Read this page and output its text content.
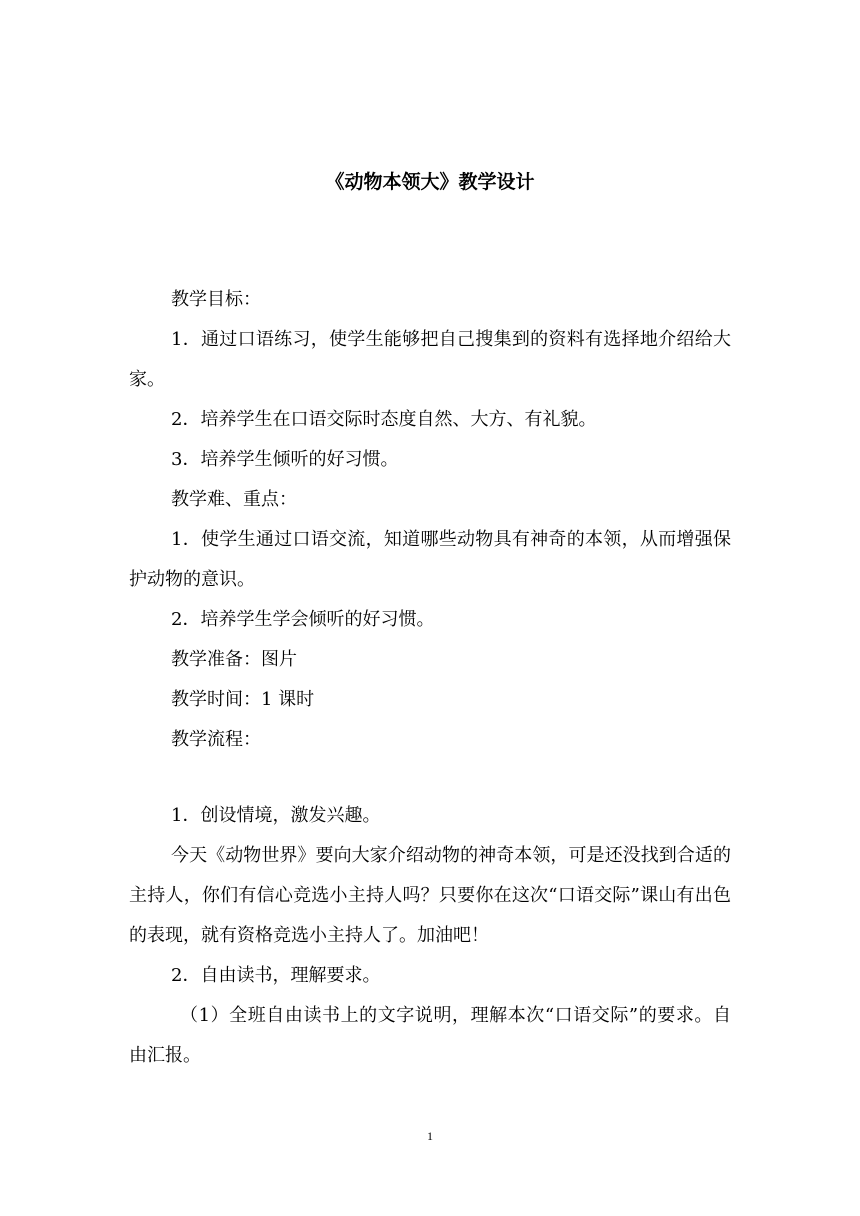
《动物本领大》教学设计

教学目标：

1．通过口语练习，使学生能够把自己搜集到的资料有选择地介绍给大家。

2．培养学生在口语交际时态度自然、大方、有礼貌。

3．培养学生倾听的好习惯。

教学难、重点：

1．使学生通过口语交流，知道哪些动物具有神奇的本领，从而增强保护动物的意识。

2．培养学生学会倾听的好习惯。

教学准备：图片

教学时间：1 课时

教学流程：

1．创设情境，激发兴趣。

今天《动物世界》要向大家介绍动物的神奇本领，可是还没找到合适的主持人，你们有信心竞选小主持人吗？只要你在这次“口语交际”课山有出色的表现，就有资格竞选小主持人了。加油吧！

2．自由读书，理解要求。

（1）全班自由读书上的文字说明，理解本次“口语交际”的要求。自由汇报。

1
